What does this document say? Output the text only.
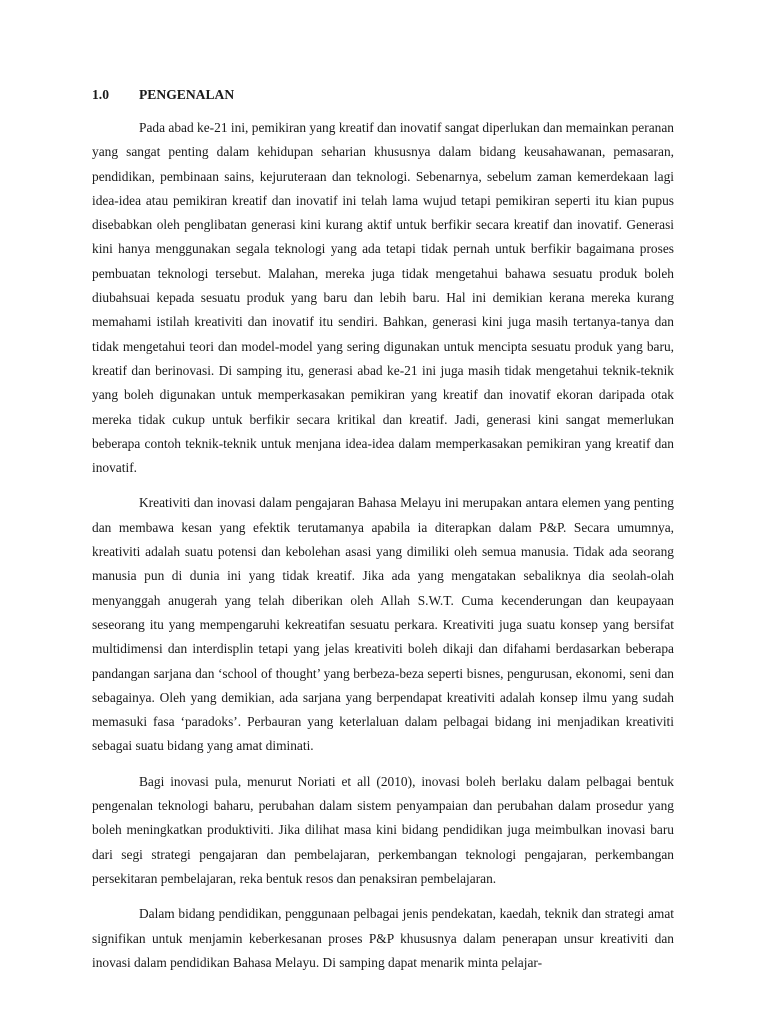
1.0	PENGENALAN

Pada abad ke-21 ini, pemikiran yang kreatif dan inovatif sangat diperlukan dan memainkan peranan yang sangat penting dalam kehidupan seharian khususnya dalam bidang keusahawanan, pemasaran, pendidikan, pembinaan sains, kejuruteraan dan teknologi. Sebenarnya, sebelum zaman kemerdekaan lagi idea-idea atau pemikiran kreatif dan inovatif ini telah lama wujud tetapi pemikiran seperti itu kian pupus disebabkan oleh penglibatan generasi kini kurang aktif untuk berfikir secara kreatif dan inovatif. Generasi kini hanya menggunakan segala teknologi yang ada tetapi tidak pernah untuk berfikir bagaimana proses pembuatan teknologi tersebut. Malahan, mereka juga tidak mengetahui bahawa sesuatu produk boleh diubahsuai kepada sesuatu produk yang baru dan lebih baru. Hal ini demikian kerana mereka kurang memahami istilah kreativiti dan inovatif itu sendiri. Bahkan, generasi kini juga masih tertanya-tanya dan tidak mengetahui teori dan model-model yang sering digunakan untuk mencipta sesuatu produk yang baru, kreatif dan berinovasi. Di samping itu, generasi abad ke-21 ini juga masih tidak mengetahui teknik-teknik yang boleh digunakan untuk memperkasakan pemikiran yang kreatif dan inovatif ekoran daripada otak mereka tidak cukup untuk berfikir secara kritikal dan kreatif. Jadi, generasi kini sangat memerlukan beberapa contoh teknik-teknik untuk menjana idea-idea dalam memperkasakan pemikiran yang kreatif dan inovatif.

Kreativiti dan inovasi dalam pengajaran Bahasa Melayu ini merupakan antara elemen yang penting dan membawa kesan yang efektik terutamanya apabila ia diterapkan dalam P&P. Secara umumnya, kreativiti adalah suatu potensi dan kebolehan asasi yang dimiliki oleh semua manusia. Tidak ada seorang manusia pun di dunia ini yang tidak kreatif. Jika ada yang mengatakan sebaliknya dia seolah-olah menyanggah anugerah yang telah diberikan oleh Allah S.W.T. Cuma kecenderungan dan keupayaan seseorang itu yang mempengaruhi kekreatifan sesuatu perkara. Kreativiti juga suatu konsep yang bersifat multidimensi dan interdisplin tetapi yang jelas kreativiti boleh dikaji dan difahami berdasarkan beberapa pandangan sarjana dan ‘school of thought’ yang berbeza-beza seperti bisnes, pengurusan, ekonomi, seni dan sebagainya. Oleh yang demikian, ada sarjana yang berpendapat kreativiti adalah konsep ilmu yang sudah memasuki fasa ‘paradoks’. Perbauran yang keterlaluan dalam pelbagai bidang ini menjadikan kreativiti sebagai suatu bidang yang amat diminati.

Bagi inovasi pula, menurut Noriati et all (2010), inovasi boleh berlaku dalam pelbagai bentuk pengenalan teknologi baharu, perubahan dalam sistem penyampaian dan perubahan dalam prosedur yang boleh meningkatkan produktiviti. Jika dilihat masa kini bidang pendidikan juga meimbulkan inovasi baru dari segi strategi pengajaran dan pembelajaran, perkembangan teknologi pengajaran, perkembangan persekitaran pembelajaran, reka bentuk resos dan penaksiran pembelajaran.

Dalam bidang pendidikan, penggunaan pelbagai jenis pendekatan, kaedah, teknik dan strategi amat signifikan untuk menjamin keberkesanan proses P&P khususnya dalam penerapan unsur kreativiti dan inovasi dalam pendidikan Bahasa Melayu. Di samping dapat menarik minta pelajar-
